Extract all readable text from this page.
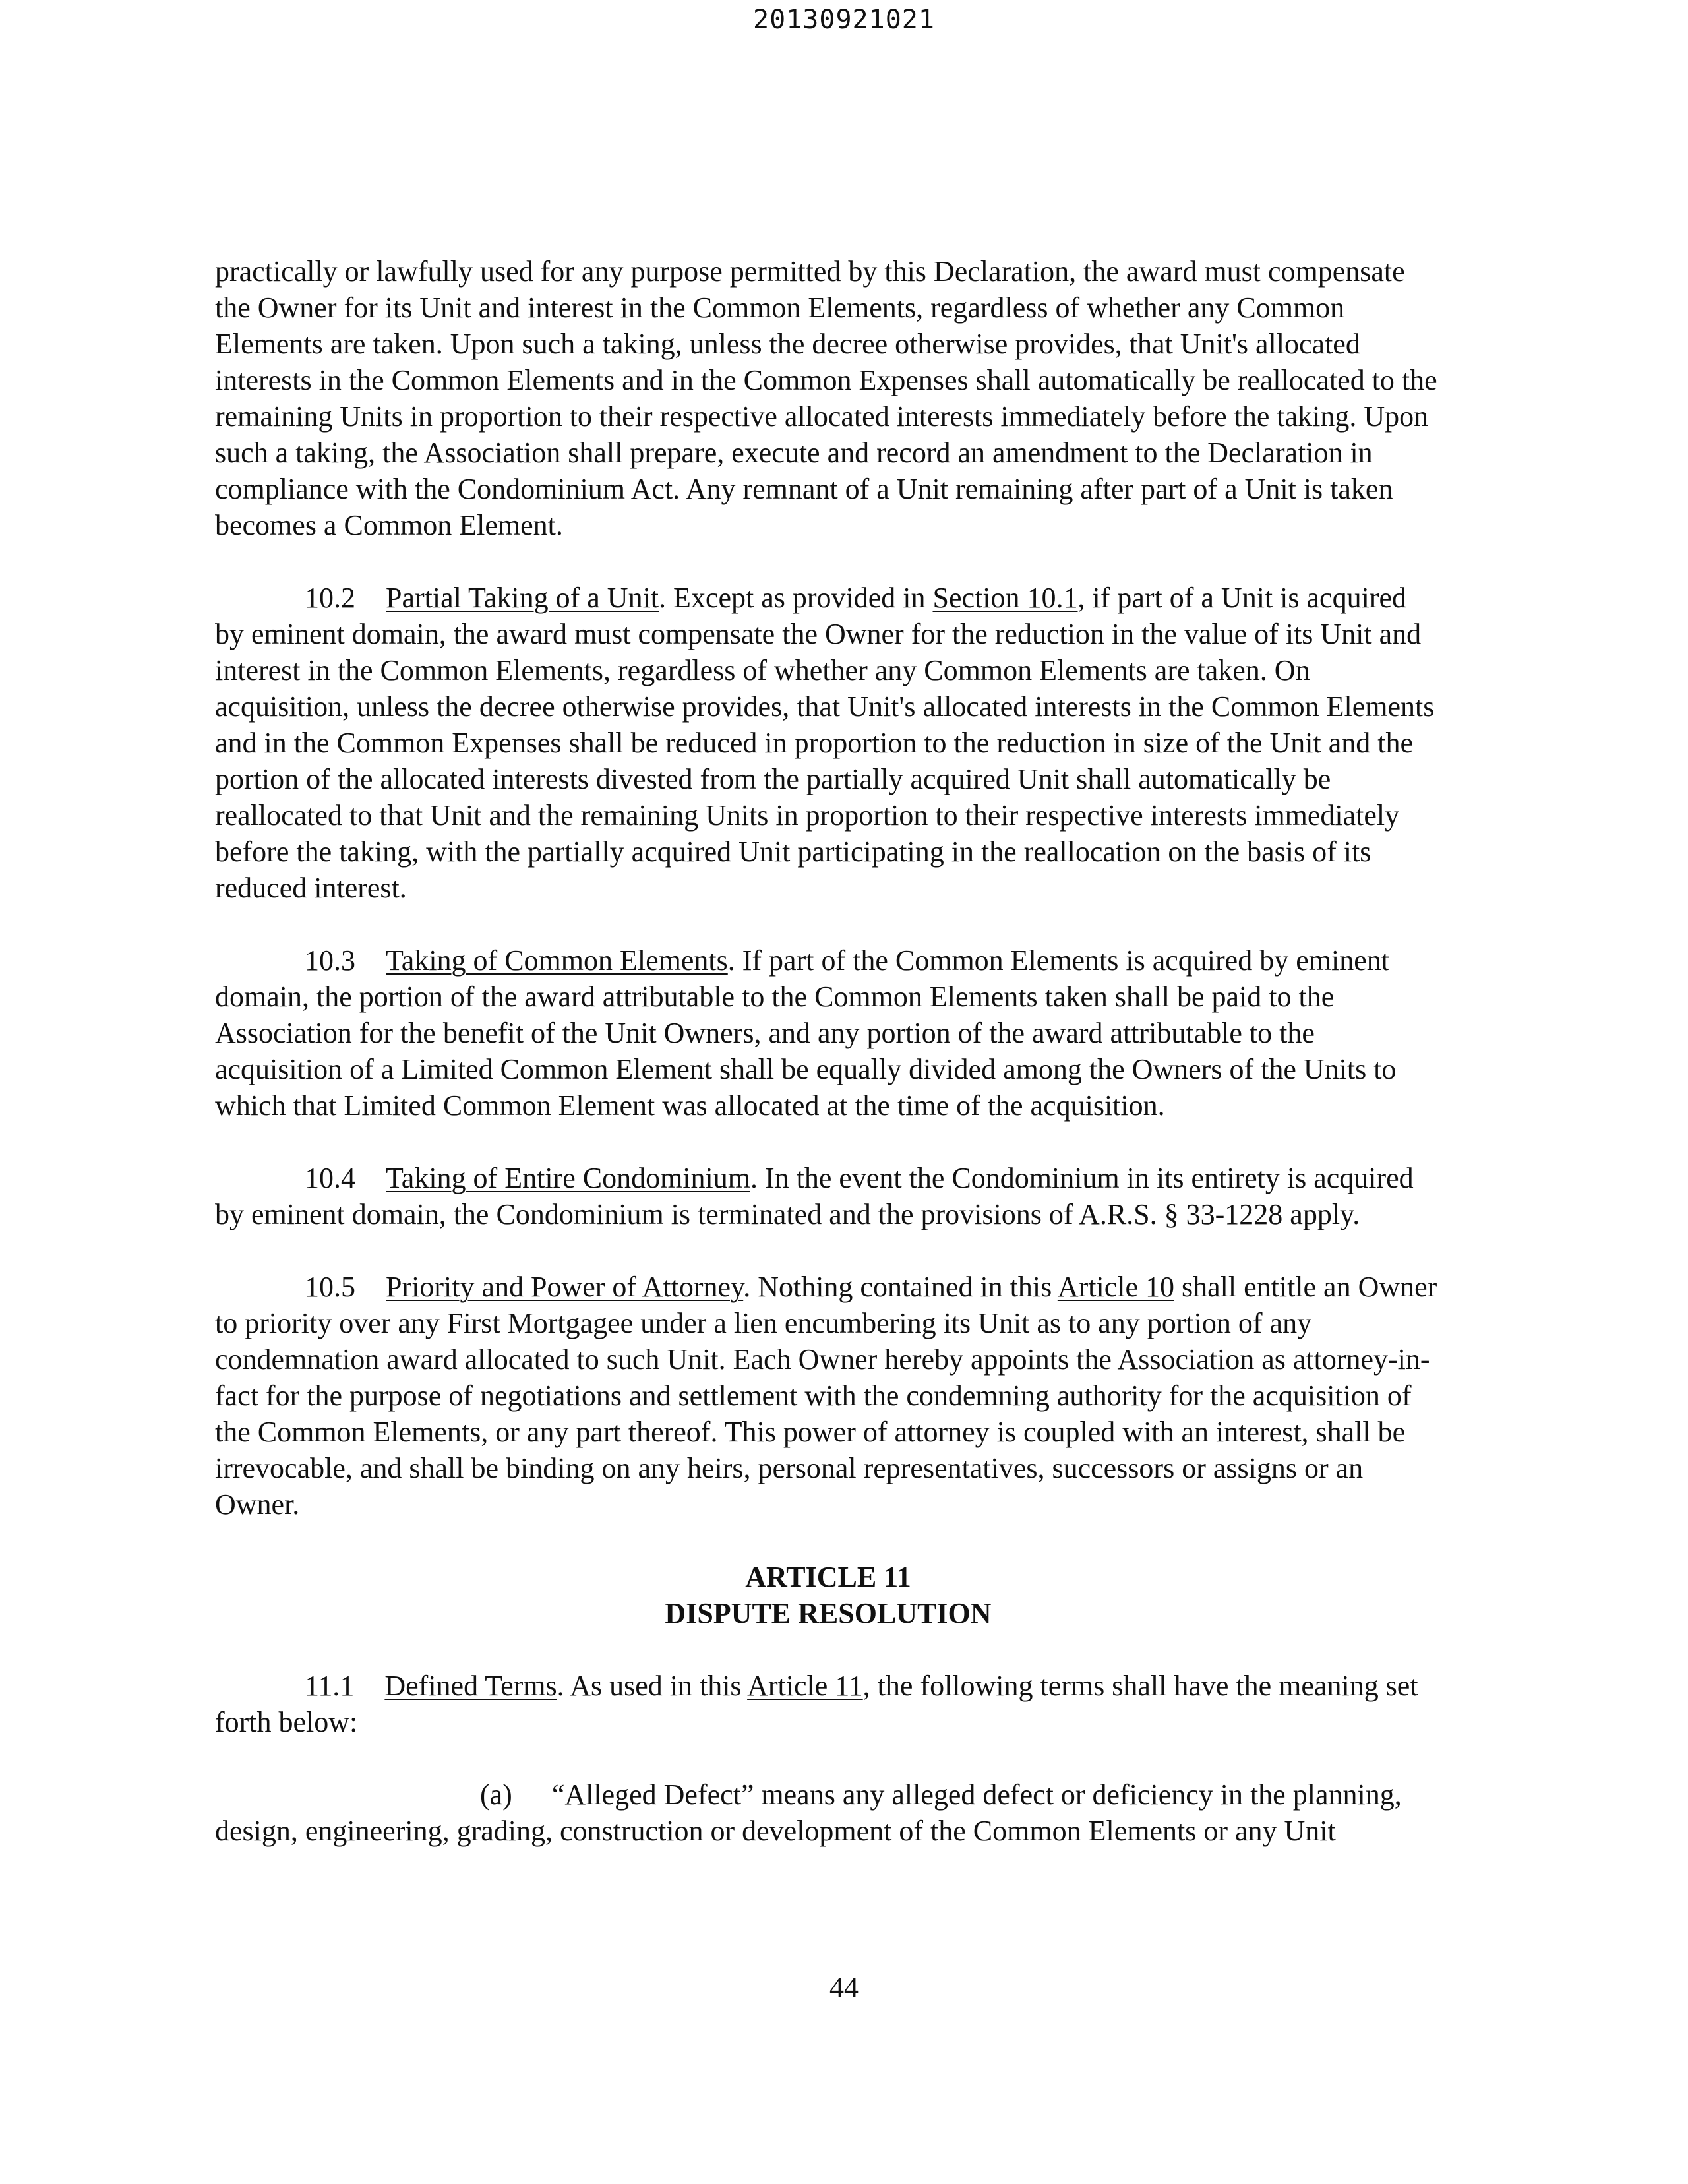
20130921021

practically or lawfully used for any purpose permitted by this Declaration, the award must compensate the Owner for its Unit and interest in the Common Elements, regardless of whether any Common Elements are taken. Upon such a taking, unless the decree otherwise provides, that Unit's allocated interests in the Common Elements and in the Common Expenses shall automatically be reallocated to the remaining Units in proportion to their respective allocated interests immediately before the taking. Upon such a taking, the Association shall prepare, execute and record an amendment to the Declaration in compliance with the Condominium Act. Any remnant of a Unit remaining after part of a Unit is taken becomes a Common Element.

10.2 Partial Taking of a Unit. Except as provided in Section 10.1, if part of a Unit is acquired by eminent domain, the award must compensate the Owner for the reduction in the value of its Unit and interest in the Common Elements, regardless of whether any Common Elements are taken. On acquisition, unless the decree otherwise provides, that Unit's allocated interests in the Common Elements and in the Common Expenses shall be reduced in proportion to the reduction in size of the Unit and the portion of the allocated interests divested from the partially acquired Unit shall automatically be reallocated to that Unit and the remaining Units in proportion to their respective interests immediately before the taking, with the partially acquired Unit participating in the reallocation on the basis of its reduced interest.

10.3 Taking of Common Elements. If part of the Common Elements is acquired by eminent domain, the portion of the award attributable to the Common Elements taken shall be paid to the Association for the benefit of the Unit Owners, and any portion of the award attributable to the acquisition of a Limited Common Element shall be equally divided among the Owners of the Units to which that Limited Common Element was allocated at the time of the acquisition.

10.4 Taking of Entire Condominium. In the event the Condominium in its entirety is acquired by eminent domain, the Condominium is terminated and the provisions of A.R.S. § 33-1228 apply.

10.5 Priority and Power of Attorney. Nothing contained in this Article 10 shall entitle an Owner to priority over any First Mortgagee under a lien encumbering its Unit as to any portion of any condemnation award allocated to such Unit. Each Owner hereby appoints the Association as attorney-in-fact for the purpose of negotiations and settlement with the condemning authority for the acquisition of the Common Elements, or any part thereof. This power of attorney is coupled with an interest, shall be irrevocable, and shall be binding on any heirs, personal representatives, successors or assigns or an Owner.

ARTICLE 11
DISPUTE RESOLUTION

11.1 Defined Terms. As used in this Article 11, the following terms shall have the meaning set forth below:

(a) “Alleged Defect” means any alleged defect or deficiency in the planning, design, engineering, grading, construction or development of the Common Elements or any Unit

44
